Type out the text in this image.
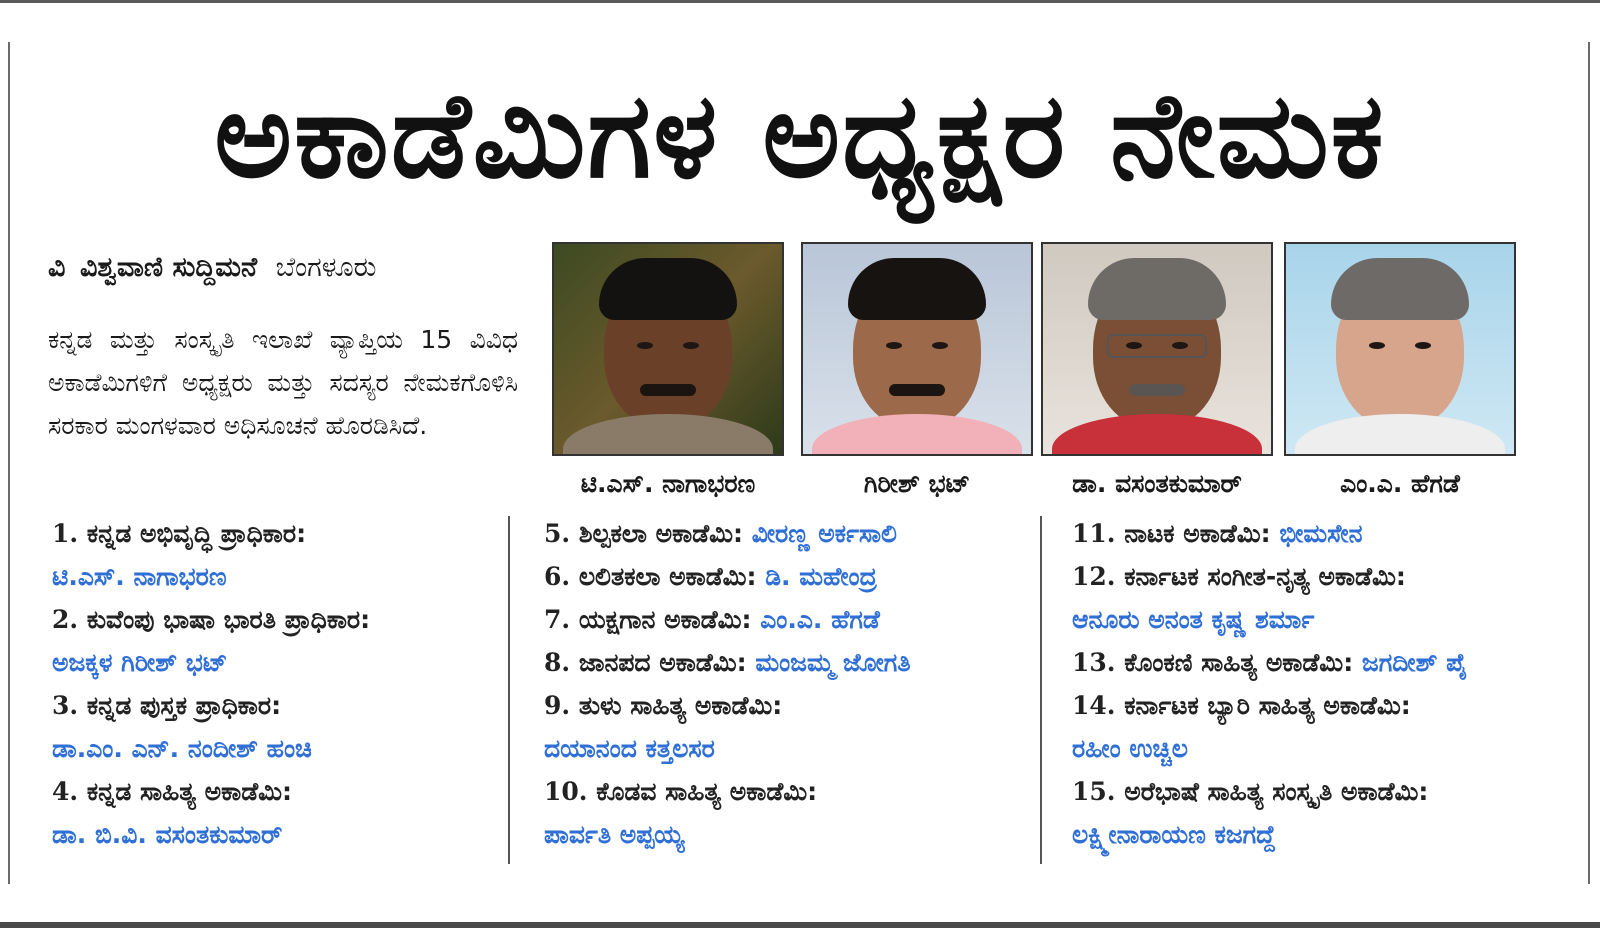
ಅಕಾಡೆಮಿಗಳ ಅಧ್ಯಕ್ಷರ ನೇಮಕ
ವಿ ವಿಶ್ವವಾಣಿ ಸುದ್ದಿಮನೆ ಬೆಂಗಳೂರು

ಕನ್ನಡ ಮತ್ತು ಸಂಸ್ಕೃತಿ ಇಲಾಖೆ ವ್ಯಾಪ್ತಿಯ 15 ವಿವಿಧ ಅಕಾಡೆಮಿಗಳಿಗೆ ಅಧ್ಯಕ್ಷರು ಮತ್ತು ಸದಸ್ಯರ ನೇಮಕಗೊಳಿಸಿ ಸರಕಾರ ಮಂಗಳವಾರ ಅಧಿಸೂಚನೆ ಹೊರಡಿಸಿದೆ.

ಟಿ.ಎಸ್. ನಾಗಾಭರಣ	ಗಿರೀಶ್ ಭಟ್	ಡಾ. ವಸಂತಕುಮಾರ್	ಎಂ.ಎ. ಹೆಗಡೆ
1. ಕನ್ನಡ ಅಭಿವೃದ್ಧಿ ಪ್ರಾಧಿಕಾರ:
ಟಿ.ಎಸ್. ನಾಗಾಭರಣ
2. ಕುವೆಂಪು ಭಾಷಾ ಭಾರತಿ ಪ್ರಾಧಿಕಾರ:
ಅಜಕ್ಕಳ ಗಿರೀಶ್ ಭಟ್
3. ಕನ್ನಡ ಪುಸ್ತಕ ಪ್ರಾಧಿಕಾರ:
ಡಾ.ಎಂ. ಎನ್. ನಂದೀಶ್ ಹಂಚಿ
4. ಕನ್ನಡ ಸಾಹಿತ್ಯ ಅಕಾಡೆಮಿ:
ಡಾ. ಬಿ.ವಿ. ವಸಂತಕುಮಾರ್
5. ಶಿಲ್ಪಕಲಾ ಅಕಾಡೆಮಿ: ವೀರಣ್ಣ ಅರ್ಕಸಾಲಿ
6. ಲಲಿತಕಲಾ ಅಕಾಡೆಮಿ: ಡಿ. ಮಹೇಂದ್ರ
7. ಯಕ್ಷಗಾನ ಅಕಾಡೆಮಿ: ಎಂ.ಎ. ಹೆಗಡೆ
8. ಜಾನಪದ ಅಕಾಡೆಮಿ: ಮಂಜಮ್ಮ ಜೋಗತಿ
9. ತುಳು ಸಾಹಿತ್ಯ ಅಕಾಡೆಮಿ:
ದಯಾನಂದ ಕತ್ತಲಸರ
10. ಕೊಡವ ಸಾಹಿತ್ಯ ಅಕಾಡೆಮಿ:
ಪಾರ್ವತಿ ಅಪ್ಪಯ್ಯ
11. ನಾಟಕ ಅಕಾಡೆಮಿ: ಭೀಮಸೇನ
12. ಕರ್ನಾಟಕ ಸಂಗೀತ-ನೃತ್ಯ ಅಕಾಡೆಮಿ:
ಆನೂರು ಅನಂತ ಕೃಷ್ಣ ಶರ್ಮಾ
13. ಕೊಂಕಣಿ ಸಾಹಿತ್ಯ ಅಕಾಡೆಮಿ: ಜಗದೀಶ್ ಪೈ
14. ಕರ್ನಾಟಕ ಬ್ಯಾರಿ ಸಾಹಿತ್ಯ ಅಕಾಡೆಮಿ:
ರಹೀಂ ಉಚ್ಚಿಲ
15. ಅರೆಭಾಷೆ ಸಾಹಿತ್ಯ ಸಂಸ್ಕೃತಿ ಅಕಾಡೆಮಿ:
ಲಕ್ಷ್ಮೀನಾರಾಯಣ ಕಜಗದ್ದೆ
